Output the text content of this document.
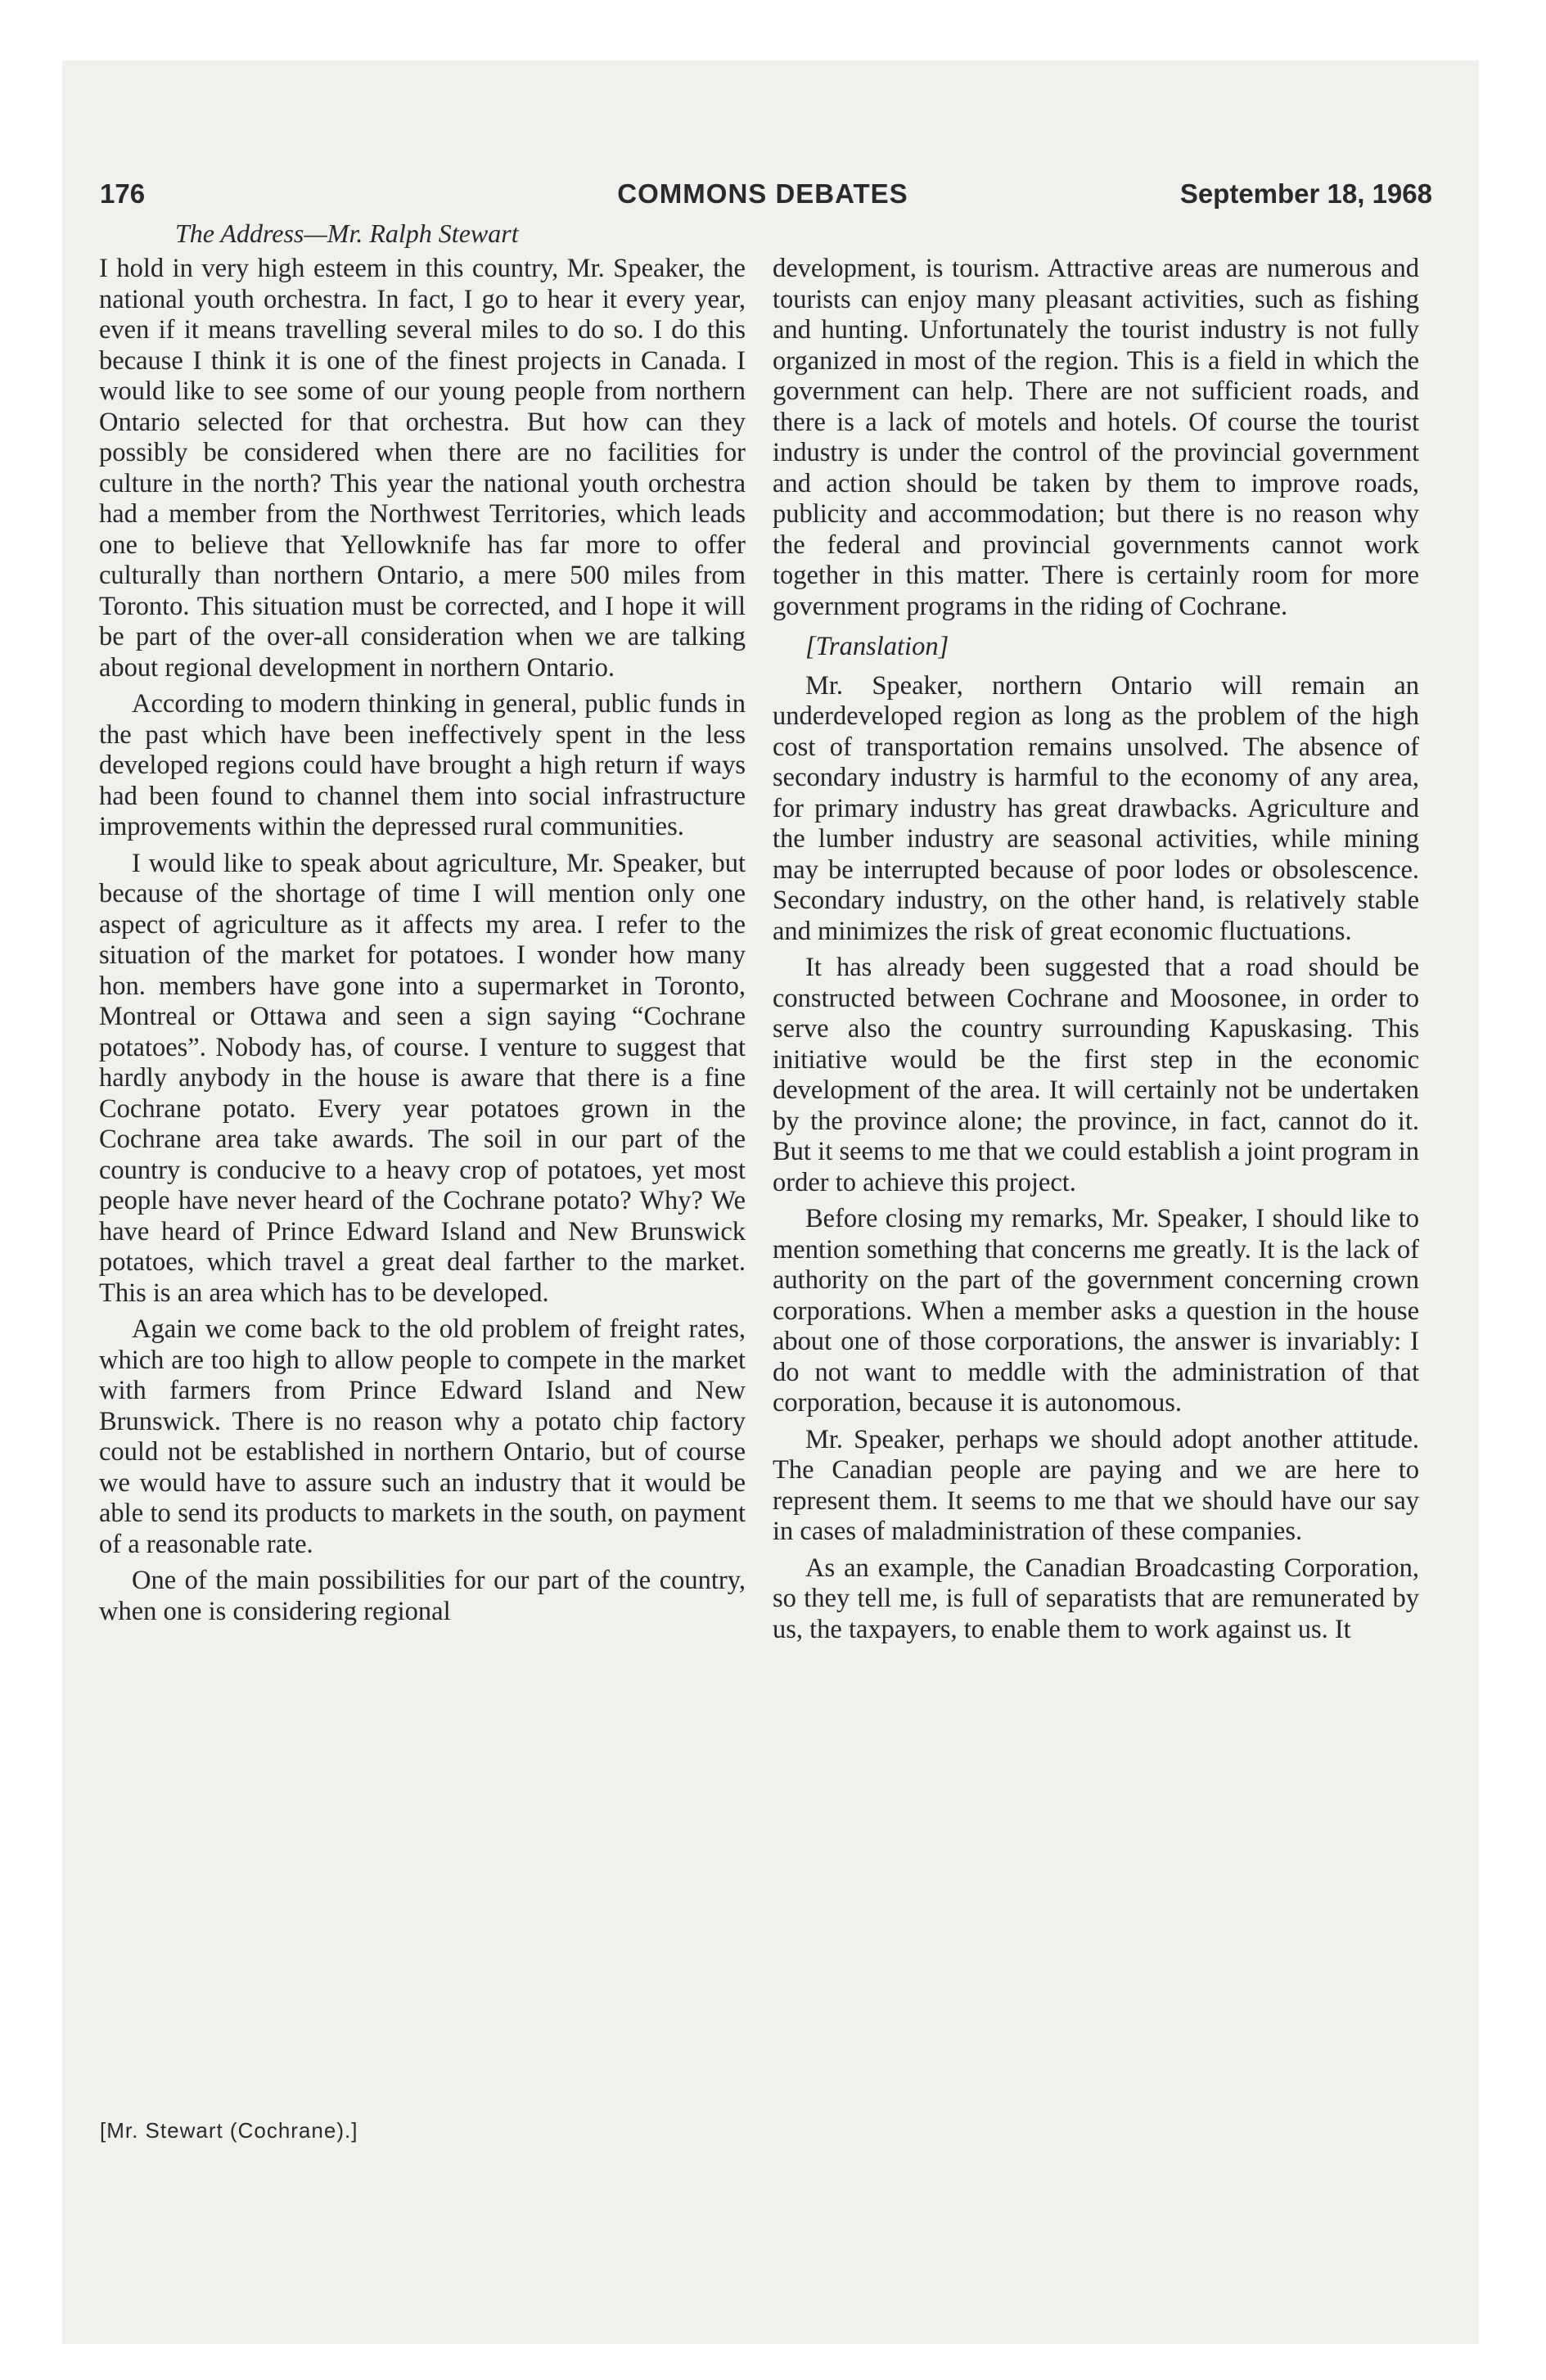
176	COMMONS DEBATES	September 18, 1968
The Address—Mr. Ralph Stewart

I hold in very high esteem in this country, Mr. Speaker, the national youth orchestra. In fact, I go to hear it every year, even if it means travelling several miles to do so. I do this because I think it is one of the finest projects in Canada. I would like to see some of our young people from northern Ontario selected for that orchestra. But how can they possibly be considered when there are no facilities for culture in the north? This year the national youth orchestra had a member from the Northwest Territories, which leads one to believe that Yellowknife has far more to offer culturally than northern Ontario, a mere 500 miles from Toronto. This situation must be corrected, and I hope it will be part of the over-all consideration when we are talking about regional development in northern Ontario.

According to modern thinking in general, public funds in the past which have been ineffectively spent in the less developed regions could have brought a high return if ways had been found to channel them into social infrastructure improvements within the depressed rural communities.

I would like to speak about agriculture, Mr. Speaker, but because of the shortage of time I will mention only one aspect of agriculture as it affects my area. I refer to the situation of the market for potatoes. I wonder how many hon. members have gone into a supermarket in Toronto, Montreal or Ottawa and seen a sign saying “Cochrane potatoes”. Nobody has, of course. I venture to suggest that hardly anybody in the house is aware that there is a fine Cochrane potato. Every year potatoes grown in the Cochrane area take awards. The soil in our part of the country is conducive to a heavy crop of potatoes, yet most people have never heard of the Cochrane potato? Why? We have heard of Prince Edward Island and New Brunswick potatoes, which travel a great deal farther to the market. This is an area which has to be developed.

Again we come back to the old problem of freight rates, which are too high to allow people to compete in the market with farmers from Prince Edward Island and New Brunswick. There is no reason why a potato chip factory could not be established in northern Ontario, but of course we would have to assure such an industry that it would be able to send its products to markets in the south, on payment of a reasonable rate.

One of the main possibilities for our part of the country, when one is considering regional

[Mr. Stewart (Cochrane).]

development, is tourism. Attractive areas are numerous and tourists can enjoy many pleasant activities, such as fishing and hunting. Unfortunately the tourist industry is not fully organized in most of the region. This is a field in which the government can help. There are not sufficient roads, and there is a lack of motels and hotels. Of course the tourist industry is under the control of the provincial government and action should be taken by them to improve roads, publicity and accommodation; but there is no reason why the federal and provincial governments cannot work together in this matter. There is certainly room for more government programs in the riding of Cochrane.

[Translation]

Mr. Speaker, northern Ontario will remain an underdeveloped region as long as the problem of the high cost of transportation remains unsolved. The absence of secondary industry is harmful to the economy of any area, for primary industry has great drawbacks. Agriculture and the lumber industry are seasonal activities, while mining may be interrupted because of poor lodes or obsolescence. Secondary industry, on the other hand, is relatively stable and minimizes the risk of great economic fluctuations.

It has already been suggested that a road should be constructed between Cochrane and Moosonee, in order to serve also the country surrounding Kapuskasing. This initiative would be the first step in the economic development of the area. It will certainly not be undertaken by the province alone; the province, in fact, cannot do it. But it seems to me that we could establish a joint program in order to achieve this project.

Before closing my remarks, Mr. Speaker, I should like to mention something that concerns me greatly. It is the lack of authority on the part of the government concerning crown corporations. When a member asks a question in the house about one of those corporations, the answer is invariably: I do not want to meddle with the administration of that corporation, because it is autonomous.

Mr. Speaker, perhaps we should adopt another attitude. The Canadian people are paying and we are here to represent them. It seems to me that we should have our say in cases of maladministration of these companies.

As an example, the Canadian Broadcasting Corporation, so they tell me, is full of separatists that are remunerated by us, the taxpayers, to enable them to work against us. It
